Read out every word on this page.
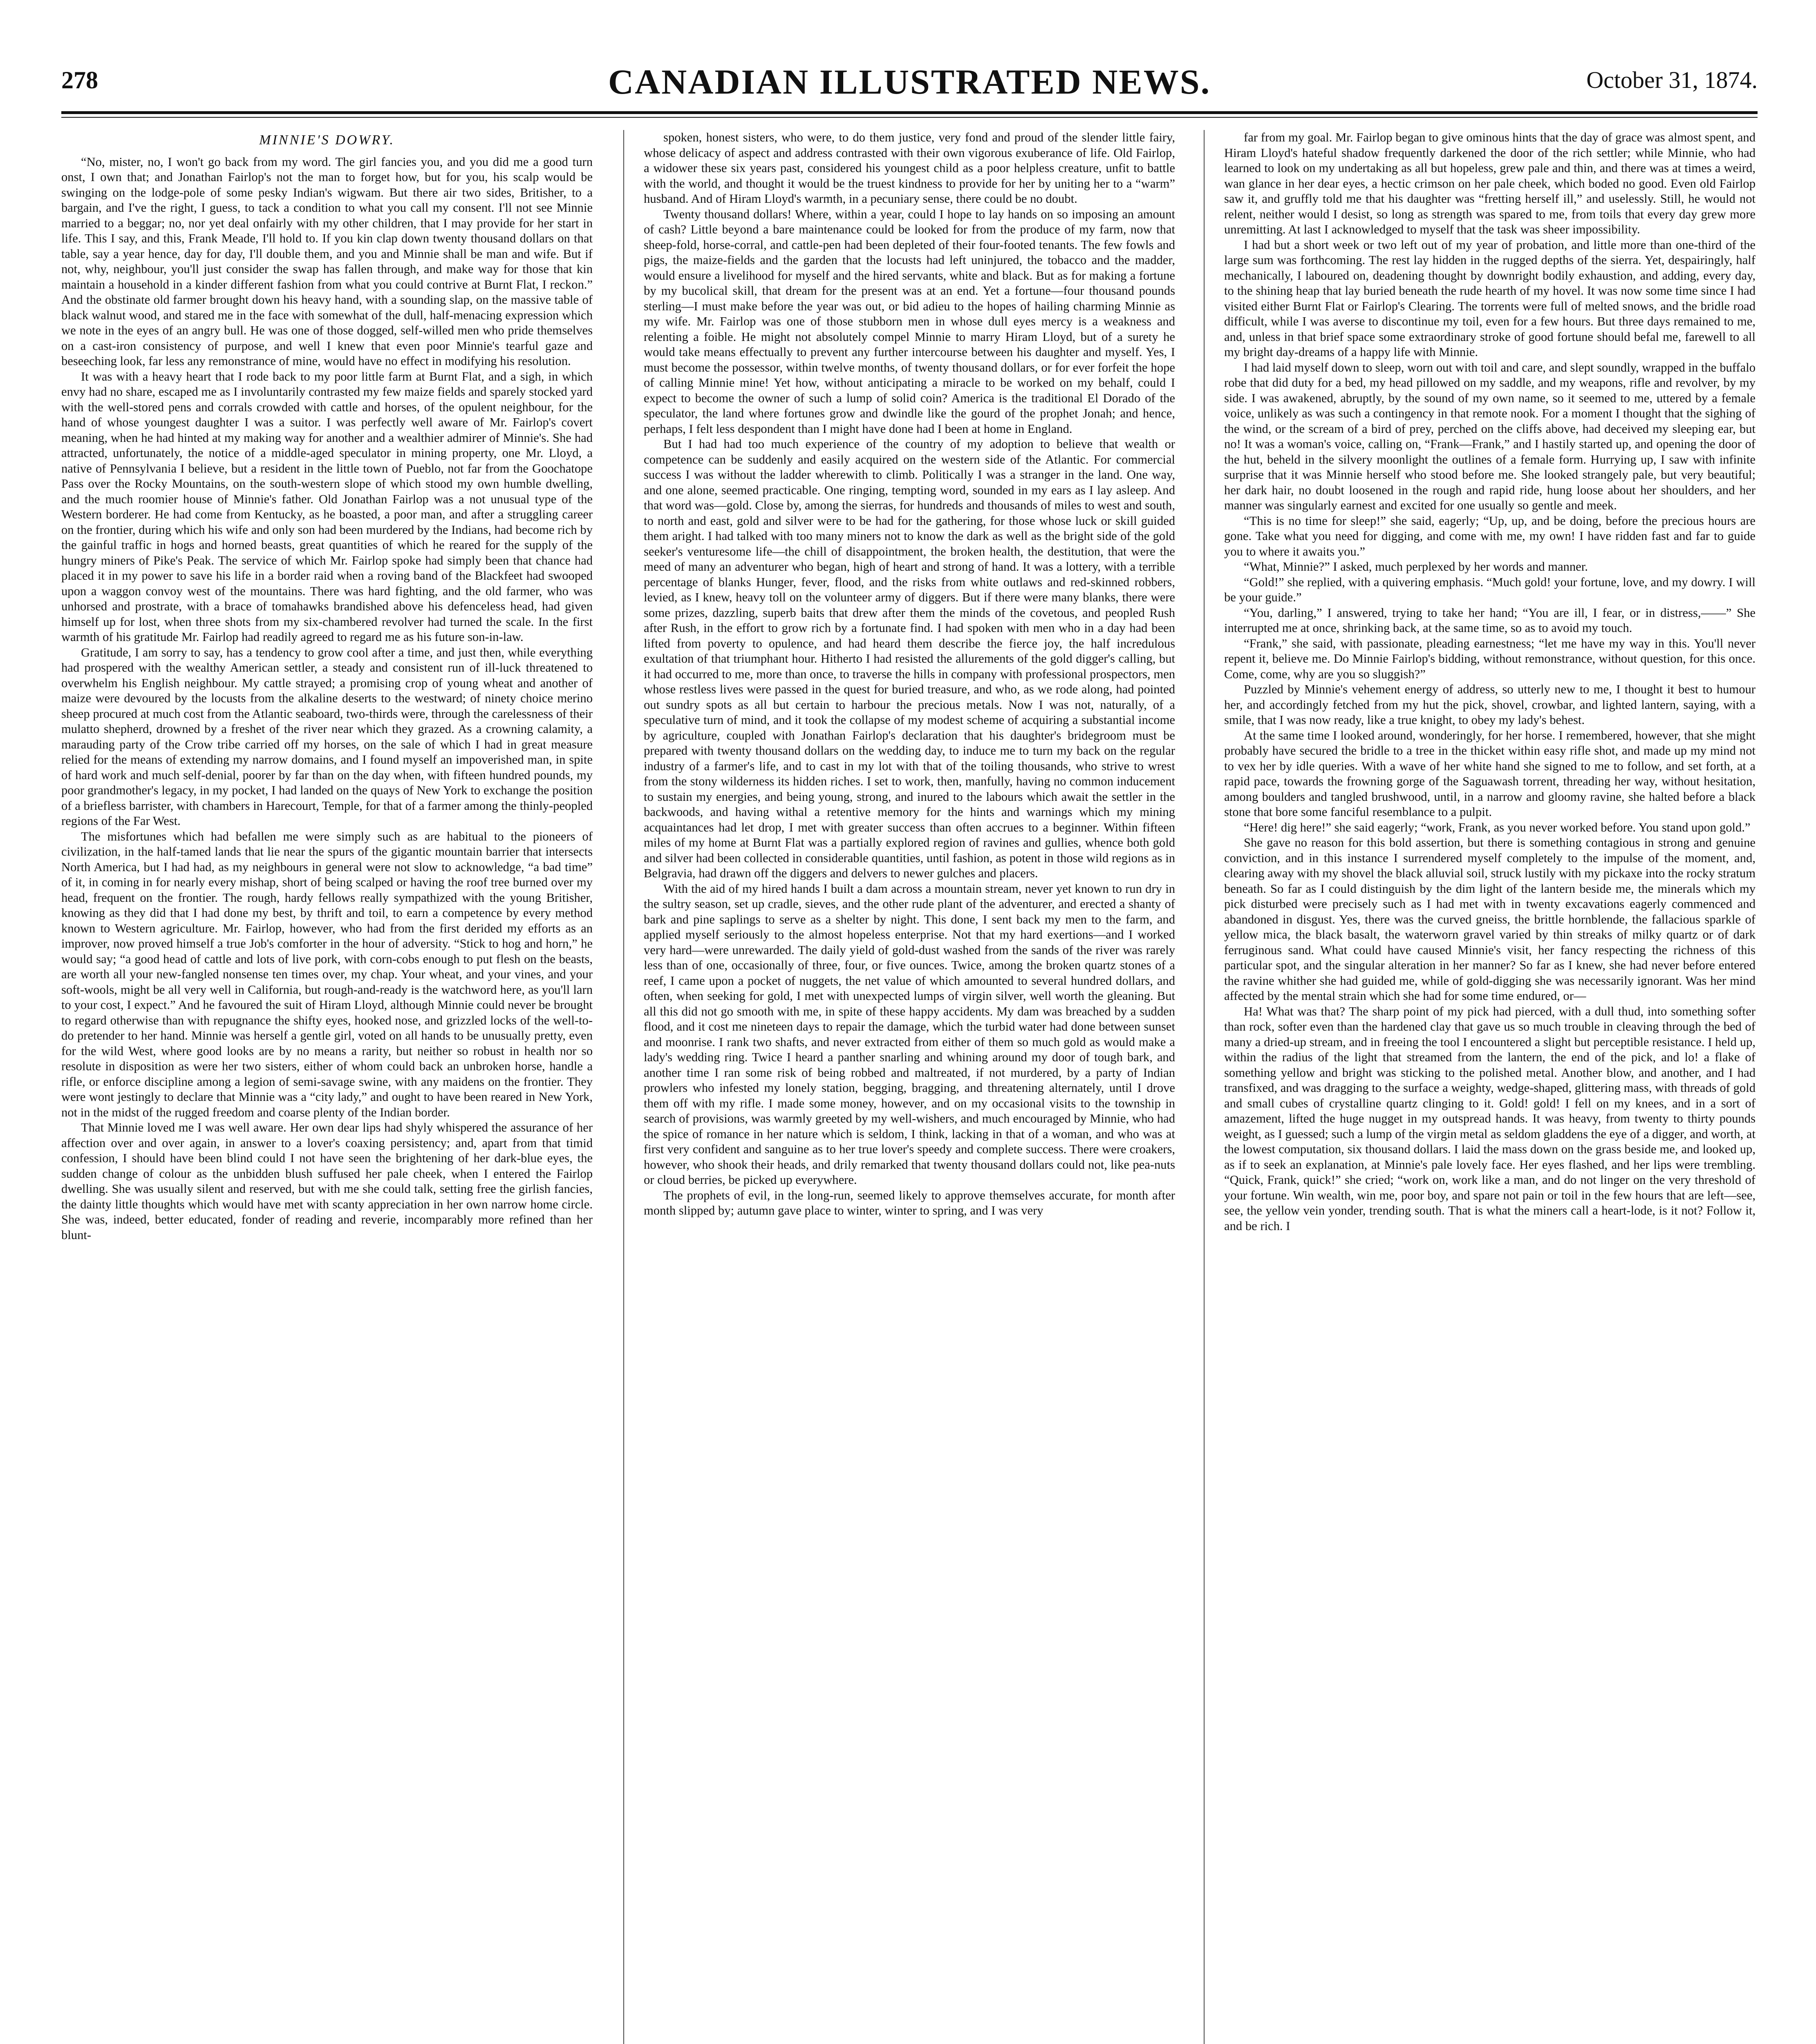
278	CANADIAN ILLUSTRATED NEWS.	October 31, 1874.
MINNIE'S DOWRY.

“No, mister, no, I won't go back from my word. The girl fancies you, and you did me a good turn onst, I own that; and Jonathan Fairlop's not the man to forget how, but for you, his scalp would be swinging on the lodge-pole of some pesky Indian's wigwam. But there air two sides, Britisher, to a bargain, and I've the right, I guess, to tack a condition to what you call my consent. I'll not see Minnie married to a beggar; no, nor yet deal onfairly with my other children, that I may provide for her start in life. This I say, and this, Frank Meade, I'll hold to. If you kin clap down twenty thousand dollars on that table, say a year hence, day for day, I'll double them, and you and Minnie shall be man and wife. But if not, why, neighbour, you'll just consider the swap has fallen through, and make way for those that kin maintain a household in a kinder different fashion from what you could contrive at Burnt Flat, I reckon.” And the obstinate old farmer brought down his heavy hand, with a sounding slap, on the massive table of black walnut wood, and stared me in the face with somewhat of the dull, half-menacing expression which we note in the eyes of an angry bull. He was one of those dogged, self-willed men who pride themselves on a cast-iron consistency of purpose, and well I knew that even poor Minnie's tearful gaze and beseeching look, far less any remonstrance of mine, would have no effect in modifying his resolution.

It was with a heavy heart that I rode back to my poor little farm at Burnt Flat, and a sigh, in which envy had no share, escaped me as I involuntarily contrasted my few maize fields and sparely stocked yard with the well-stored pens and corrals crowded with cattle and horses, of the opulent neighbour, for the hand of whose youngest daughter I was a suitor. I was perfectly well aware of Mr. Fairlop's covert meaning, when he had hinted at my making way for another and a wealthier admirer of Minnie's. She had attracted, unfortunately, the notice of a middle-aged speculator in mining property, one Mr. Lloyd, a native of Pennsylvania I believe, but a resident in the little town of Pueblo, not far from the Goochatope Pass over the Rocky Mountains, on the south-western slope of which stood my own humble dwelling, and the much roomier house of Minnie's father. Old Jonathan Fairlop was a not unusual type of the Western borderer. He had come from Kentucky, as he boasted, a poor man, and after a struggling career on the frontier, during which his wife and only son had been murdered by the Indians, had become rich by the gainful traffic in hogs and horned beasts, great quantities of which he reared for the supply of the hungry miners of Pike's Peak. The service of which Mr. Fairlop spoke had simply been that chance had placed it in my power to save his life in a border raid when a roving band of the Blackfeet had swooped upon a waggon convoy west of the mountains. There was hard fighting, and the old farmer, who was unhorsed and prostrate, with a brace of tomahawks brandished above his defenceless head, had given himself up for lost, when three shots from my six-chambered revolver had turned the scale. In the first warmth of his gratitude Mr. Fairlop had readily agreed to regard me as his future son-in-law.

Gratitude, I am sorry to say, has a tendency to grow cool after a time, and just then, while everything had prospered with the wealthy American settler, a steady and consistent run of ill-luck threatened to overwhelm his English neighbour. My cattle strayed; a promising crop of young wheat and another of maize were devoured by the locusts from the alkaline deserts to the westward; of ninety choice merino sheep procured at much cost from the Atlantic seaboard, two-thirds were, through the carelessness of their mulatto shepherd, drowned by a freshet of the river near which they grazed. As a crowning calamity, a marauding party of the Crow tribe carried off my horses, on the sale of which I had in great measure relied for the means of extending my narrow domains, and I found myself an impoverished man, in spite of hard work and much self-denial, poorer by far than on the day when, with fifteen hundred pounds, my poor grandmother's legacy, in my pocket, I had landed on the quays of New York to exchange the position of a briefless barrister, with chambers in Harecourt, Temple, for that of a farmer among the thinly-peopled regions of the Far West.

The misfortunes which had befallen me were simply such as are habitual to the pioneers of civilization, in the half-tamed lands that lie near the spurs of the gigantic mountain barrier that intersects North America, but I had had, as my neighbours in general were not slow to acknowledge, “a bad time” of it, in coming in for nearly every mishap, short of being scalped or having the roof tree burned over my head, frequent on the frontier. The rough, hardy fellows really sympathized with the young Britisher, knowing as they did that I had done my best, by thrift and toil, to earn a competence by every method known to Western agriculture. Mr. Fairlop, however, who had from the first derided my efforts as an improver, now proved himself a true Job's comforter in the hour of adversity. “Stick to hog and horn,” he would say; “a good head of cattle and lots of live pork, with corn-cobs enough to put flesh on the beasts, are worth all your new-fangled nonsense ten times over, my chap. Your wheat, and your vines, and your soft-wools, might be all very well in California, but rough-and-ready is the watchword here, as you'll larn to your cost, I expect.” And he favoured the suit of Hiram Lloyd, although Minnie could never be brought to regard otherwise than with repugnance the shifty eyes, hooked nose, and grizzled locks of the well-to-do pretender to her hand. Minnie was herself a gentle girl, voted on all hands to be unusually pretty, even for the wild West, where good looks are by no means a rarity, but neither so robust in health nor so resolute in disposition as were her two sisters, either of whom could back an unbroken horse, handle a rifle, or enforce discipline among a legion of semi-savage swine, with any maidens on the frontier. They were wont jestingly to declare that Minnie was a “city lady,” and ought to have been reared in New York, not in the midst of the rugged freedom and coarse plenty of the Indian border.

That Minnie loved me I was well aware. Her own dear lips had shyly whispered the assurance of her affection over and over again, in answer to a lover's coaxing persistency; and, apart from that timid confession, I should have been blind could I not have seen the brightening of her dark-blue eyes, the sudden change of colour as the unbidden blush suffused her pale cheek, when I entered the Fairlop dwelling. She was usually silent and reserved, but with me she could talk, setting free the girlish fancies, the dainty little thoughts which would have met with scanty appreciation in her own narrow home circle. She was, indeed, better educated, fonder of reading and reverie, incomparably more refined than her blunt-

spoken, honest sisters, who were, to do them justice, very fond and proud of the slender little fairy, whose delicacy of aspect and address contrasted with their own vigorous exuberance of life. Old Fairlop, a widower these six years past, considered his youngest child as a poor helpless creature, unfit to battle with the world, and thought it would be the truest kindness to provide for her by uniting her to a “warm” husband. And of Hiram Lloyd's warmth, in a pecuniary sense, there could be no doubt.

Twenty thousand dollars! Where, within a year, could I hope to lay hands on so imposing an amount of cash? Little beyond a bare maintenance could be looked for from the produce of my farm, now that sheep-fold, horse-corral, and cattle-pen had been depleted of their four-footed tenants. The few fowls and pigs, the maize-fields and the garden that the locusts had left uninjured, the tobacco and the madder, would ensure a livelihood for myself and the hired servants, white and black. But as for making a fortune by my bucolical skill, that dream for the present was at an end. Yet a fortune—four thousand pounds sterling—I must make before the year was out, or bid adieu to the hopes of hailing charming Minnie as my wife. Mr. Fairlop was one of those stubborn men in whose dull eyes mercy is a weakness and relenting a foible. He might not absolutely compel Minnie to marry Hiram Lloyd, but of a surety he would take means effectually to prevent any further intercourse between his daughter and myself. Yes, I must become the possessor, within twelve months, of twenty thousand dollars, or for ever forfeit the hope of calling Minnie mine! Yet how, without anticipating a miracle to be worked on my behalf, could I expect to become the owner of such a lump of solid coin? America is the traditional El Dorado of the speculator, the land where fortunes grow and dwindle like the gourd of the prophet Jonah; and hence, perhaps, I felt less despondent than I might have done had I been at home in England.

But I had had too much experience of the country of my adoption to believe that wealth or competence can be suddenly and easily acquired on the western side of the Atlantic. For commercial success I was without the ladder wherewith to climb. Politically I was a stranger in the land. One way, and one alone, seemed practicable. One ringing, tempting word, sounded in my ears as I lay asleep. And that word was—gold. Close by, among the sierras, for hundreds and thousands of miles to west and south, to north and east, gold and silver were to be had for the gathering, for those whose luck or skill guided them aright. I had talked with too many miners not to know the dark as well as the bright side of the gold seeker's venturesome life—the chill of disappointment, the broken health, the destitution, that were the meed of many an adventurer who began, high of heart and strong of hand. It was a lottery, with a terrible percentage of blanks Hunger, fever, flood, and the risks from white outlaws and red-skinned robbers, levied, as I knew, heavy toll on the volunteer army of diggers. But if there were many blanks, there were some prizes, dazzling, superb baits that drew after them the minds of the covetous, and peopled Rush after Rush, in the effort to grow rich by a fortunate find. I had spoken with men who in a day had been lifted from poverty to opulence, and had heard them describe the fierce joy, the half incredulous exultation of that triumphant hour. Hitherto I had resisted the allurements of the gold digger's calling, but it had occurred to me, more than once, to traverse the hills in company with professional prospectors, men whose restless lives were passed in the quest for buried treasure, and who, as we rode along, had pointed out sundry spots as all but certain to harbour the precious metals. Now I was not, naturally, of a speculative turn of mind, and it took the collapse of my modest scheme of acquiring a substantial income by agriculture, coupled with Jonathan Fairlop's declaration that his daughter's bridegroom must be prepared with twenty thousand dollars on the wedding day, to induce me to turn my back on the regular industry of a farmer's life, and to cast in my lot with that of the toiling thousands, who strive to wrest from the stony wilderness its hidden riches. I set to work, then, manfully, having no common inducement to sustain my energies, and being young, strong, and inured to the labours which await the settler in the backwoods, and having withal a retentive memory for the hints and warnings which my mining acquaintances had let drop, I met with greater success than often accrues to a beginner. Within fifteen miles of my home at Burnt Flat was a partially explored region of ravines and gullies, whence both gold and silver had been collected in considerable quantities, until fashion, as potent in those wild regions as in Belgravia, had drawn off the diggers and delvers to newer gulches and placers.

With the aid of my hired hands I built a dam across a mountain stream, never yet known to run dry in the sultry season, set up cradle, sieves, and the other rude plant of the adventurer, and erected a shanty of bark and pine saplings to serve as a shelter by night. This done, I sent back my men to the farm, and applied myself seriously to the almost hopeless enterprise. Not that my hard exertions—and I worked very hard—were unrewarded. The daily yield of gold-dust washed from the sands of the river was rarely less than of one, occasionally of three, four, or five ounces. Twice, among the broken quartz stones of a reef, I came upon a pocket of nuggets, the net value of which amounted to several hundred dollars, and often, when seeking for gold, I met with unexpected lumps of virgin silver, well worth the gleaning. But all this did not go smooth with me, in spite of these happy accidents. My dam was breached by a sudden flood, and it cost me nineteen days to repair the damage, which the turbid water had done between sunset and moonrise. I rank two shafts, and never extracted from either of them so much gold as would make a lady's wedding ring. Twice I heard a panther snarling and whining around my door of tough bark, and another time I ran some risk of being robbed and maltreated, if not murdered, by a party of Indian prowlers who infested my lonely station, begging, bragging, and threatening alternately, until I drove them off with my rifle. I made some money, however, and on my occasional visits to the township in search of provisions, was warmly greeted by my well-wishers, and much encouraged by Minnie, who had the spice of romance in her nature which is seldom, I think, lacking in that of a woman, and who was at first very confident and sanguine as to her true lover's speedy and complete success. There were croakers, however, who shook their heads, and drily remarked that twenty thousand dollars could not, like pea-nuts or cloud berries, be picked up everywhere.

The prophets of evil, in the long-run, seemed likely to approve themselves accurate, for month after month slipped by; autumn gave place to winter, winter to spring, and I was very

far from my goal. Mr. Fairlop began to give ominous hints that the day of grace was almost spent, and Hiram Lloyd's hateful shadow frequently darkened the door of the rich settler; while Minnie, who had learned to look on my undertaking as all but hopeless, grew pale and thin, and there was at times a weird, wan glance in her dear eyes, a hectic crimson on her pale cheek, which boded no good. Even old Fairlop saw it, and gruffly told me that his daughter was “fretting herself ill,” and uselessly. Still, he would not relent, neither would I desist, so long as strength was spared to me, from toils that every day grew more unremitting. At last I acknowledged to myself that the task was sheer impossibility.

I had but a short week or two left out of my year of probation, and little more than one-third of the large sum was forthcoming. The rest lay hidden in the rugged depths of the sierra. Yet, despairingly, half mechanically, I laboured on, deadening thought by downright bodily exhaustion, and adding, every day, to the shining heap that lay buried beneath the rude hearth of my hovel. It was now some time since I had visited either Burnt Flat or Fairlop's Clearing. The torrents were full of melted snows, and the bridle road difficult, while I was averse to discontinue my toil, even for a few hours. But three days remained to me, and, unless in that brief space some extraordinary stroke of good fortune should befal me, farewell to all my bright day-dreams of a happy life with Minnie.

I had laid myself down to sleep, worn out with toil and care, and slept soundly, wrapped in the buffalo robe that did duty for a bed, my head pillowed on my saddle, and my weapons, rifle and revolver, by my side. I was awakened, abruptly, by the sound of my own name, so it seemed to me, uttered by a female voice, unlikely as was such a contingency in that remote nook. For a moment I thought that the sighing of the wind, or the scream of a bird of prey, perched on the cliffs above, had deceived my sleeping ear, but no! It was a woman's voice, calling on, “Frank—Frank,” and I hastily started up, and opening the door of the hut, beheld in the silvery moonlight the outlines of a female form. Hurrying up, I saw with infinite surprise that it was Minnie herself who stood before me. She looked strangely pale, but very beautiful; her dark hair, no doubt loosened in the rough and rapid ride, hung loose about her shoulders, and her manner was singularly earnest and excited for one usually so gentle and meek.

“This is no time for sleep!” she said, eagerly; “Up, up, and be doing, before the precious hours are gone. Take what you need for digging, and come with me, my own! I have ridden fast and far to guide you to where it awaits you.”

“What, Minnie?” I asked, much perplexed by her words and manner.

“Gold!” she replied, with a quivering emphasis. “Much gold! your fortune, love, and my dowry. I will be your guide.”

“You, darling,” I answered, trying to take her hand; “You are ill, I fear, or in distress,——” She interrupted me at once, shrinking back, at the same time, so as to avoid my touch.

“Frank,” she said, with passionate, pleading earnestness; “let me have my way in this. You'll never repent it, believe me. Do Minnie Fairlop's bidding, without remonstrance, without question, for this once. Come, come, why are you so sluggish?”

Puzzled by Minnie's vehement energy of address, so utterly new to me, I thought it best to humour her, and accordingly fetched from my hut the pick, shovel, crowbar, and lighted lantern, saying, with a smile, that I was now ready, like a true knight, to obey my lady's behest.

At the same time I looked around, wonderingly, for her horse. I remembered, however, that she might probably have secured the bridle to a tree in the thicket within easy rifle shot, and made up my mind not to vex her by idle queries. With a wave of her white hand she signed to me to follow, and set forth, at a rapid pace, towards the frowning gorge of the Saguawash torrent, threading her way, without hesitation, among boulders and tangled brushwood, until, in a narrow and gloomy ravine, she halted before a black stone that bore some fanciful resemblance to a pulpit.

“Here! dig here!” she said eagerly; “work, Frank, as you never worked before. You stand upon gold.”

She gave no reason for this bold assertion, but there is something contagious in strong and genuine conviction, and in this instance I surrendered myself completely to the impulse of the moment, and, clearing away with my shovel the black alluvial soil, struck lustily with my pickaxe into the rocky stratum beneath. So far as I could distinguish by the dim light of the lantern beside me, the minerals which my pick disturbed were precisely such as I had met with in twenty excavations eagerly commenced and abandoned in disgust. Yes, there was the curved gneiss, the brittle hornblende, the fallacious sparkle of yellow mica, the black basalt, the waterworn gravel varied by thin streaks of milky quartz or of dark ferruginous sand. What could have caused Minnie's visit, her fancy respecting the richness of this particular spot, and the singular alteration in her manner? So far as I knew, she had never before entered the ravine whither she had guided me, while of gold-digging she was necessarily ignorant. Was her mind affected by the mental strain which she had for some time endured, or—

Ha! What was that? The sharp point of my pick had pierced, with a dull thud, into something softer than rock, softer even than the hardened clay that gave us so much trouble in cleaving through the bed of many a dried-up stream, and in freeing the tool I encountered a slight but perceptible resistance. I held up, within the radius of the light that streamed from the lantern, the end of the pick, and lo! a flake of something yellow and bright was sticking to the polished metal. Another blow, and another, and I had transfixed, and was dragging to the surface a weighty, wedge-shaped, glittering mass, with threads of gold and small cubes of crystalline quartz clinging to it. Gold! gold! I fell on my knees, and in a sort of amazement, lifted the huge nugget in my outspread hands. It was heavy, from twenty to thirty pounds weight, as I guessed; such a lump of the virgin metal as seldom gladdens the eye of a digger, and worth, at the lowest computation, six thousand dollars. I laid the mass down on the grass beside me, and looked up, as if to seek an explanation, at Minnie's pale lovely face. Her eyes flashed, and her lips were trembling. “Quick, Frank, quick!” she cried; “work on, work like a man, and do not linger on the very threshold of your fortune. Win wealth, win me, poor boy, and spare not pain or toil in the few hours that are left—see, see, the yellow vein yonder, trending south. That is what the miners call a heart-lode, is it not? Follow it, and be rich. I
